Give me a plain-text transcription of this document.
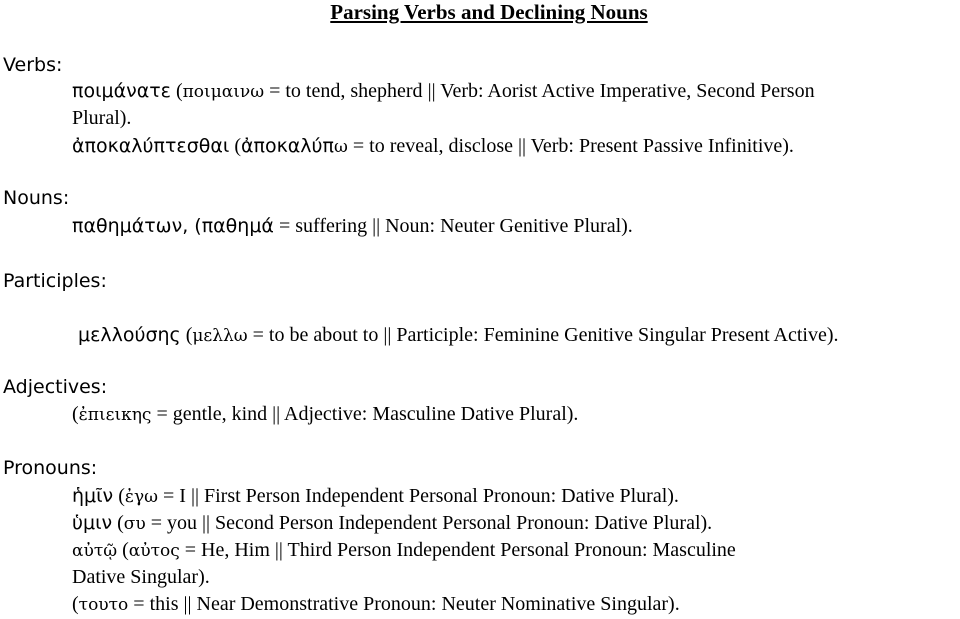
Parsing Verbs and Declining Nouns
Verbs:
ποιμάνατε (ποιμαινω = to tend, shepherd || Verb: Aorist Active Imperative, Second Person
Plural).
ἀποκαλύπτεσθαι (ἀποκαλύπω = to reveal, disclose || Verb: Present Passive Infinitive).
Nouns:
παθημάτων, (παθημά = suffering || Noun: Neuter Genitive Plural).
Participles:
μελλούσης (μελλω = to be about to || Participle: Feminine Genitive Singular Present Active).
Adjectives:
(ἐπιεικης = gentle, kind || Adjective: Masculine Dative Plural).
Pronouns:
ἡμῖν (ἐγω = I || First Person Independent Personal Pronoun: Dative Plural).
ὑμιν (συ = you || Second Person Independent Personal Pronoun: Dative Plural).
αὐτῷ (αὐτος = He, Him || Third Person Independent Personal Pronoun: Masculine
Dative Singular).
(τουτο = this || Near Demonstrative Pronoun: Neuter Nominative Singular).
